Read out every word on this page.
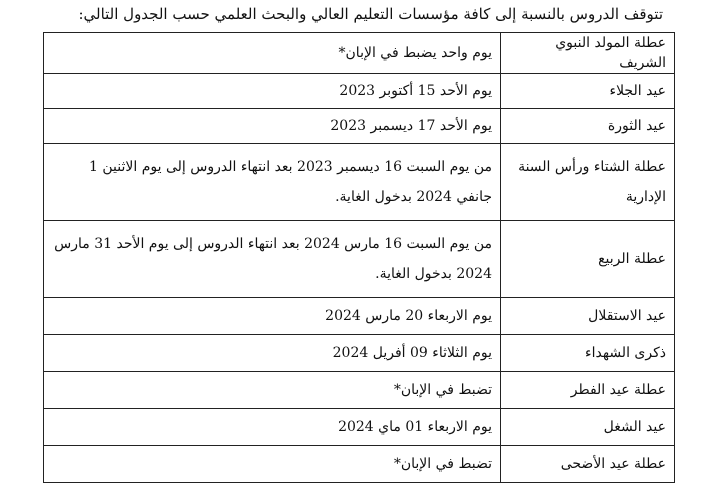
تتوقف الدروس بالنسبة إلى كافة مؤسسات التعليم العالي والبحث العلمي حسب الجدول التالي:
عطلة المولد النبوي الشريف	يوم واحد يضبط في الإبان*
عيد الجلاء	يوم الأحد 15 أكتوبر 2023
عيد الثورة	يوم الأحد 17 ديسمبر 2023
عطلة الشتاء ورأس السنة الإدارية	من يوم السبت 16 ديسمبر 2023 بعد انتهاء الدروس إلى يوم الاثنين 1 جانفي 2024 بدخول الغاية.
عطلة الربيع	من يوم السبت 16 مارس 2024 بعد انتهاء الدروس إلى يوم الأحد 31 مارس 2024 بدخول الغاية.
عيد الاستقلال	يوم الاربعاء 20 مارس 2024
ذكرى الشهداء	يوم الثلاثاء 09 أفريل 2024
عطلة عيد الفطر	تضبط في الإبان*
عيد الشغل	يوم الاربعاء 01 ماي 2024
عطلة عيد الأضحى	تضبط في الإبان*
